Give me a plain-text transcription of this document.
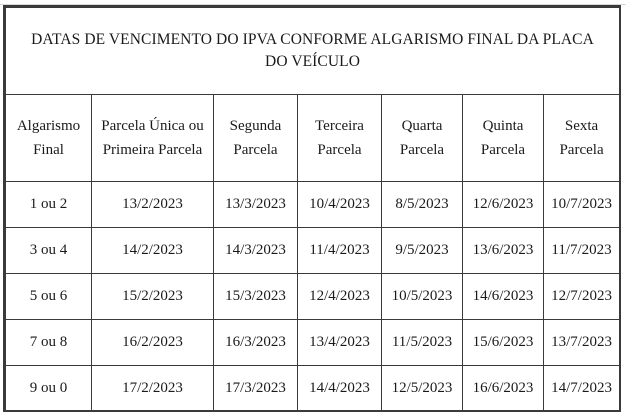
DATAS DE VENCIMENTO DO IPVA CONFORME ALGARISMO FINAL DA PLACA DO VEÍCULO						
Algarismo Final	Parcela Única ou Primeira Parcela	Segunda Parcela	Terceira Parcela	Quarta Parcela	Quinta Parcela	Sexta Parcela
1 ou 2	13/2/2023	13/3/2023	10/4/2023	8/5/2023	12/6/2023	10/7/2023
3 ou 4	14/2/2023	14/3/2023	11/4/2023	9/5/2023	13/6/2023	11/7/2023
5 ou 6	15/2/2023	15/3/2023	12/4/2023	10/5/2023	14/6/2023	12/7/2023
7 ou 8	16/2/2023	16/3/2023	13/4/2023	11/5/2023	15/6/2023	13/7/2023
9 ou 0	17/2/2023	17/3/2023	14/4/2023	12/5/2023	16/6/2023	14/7/2023
